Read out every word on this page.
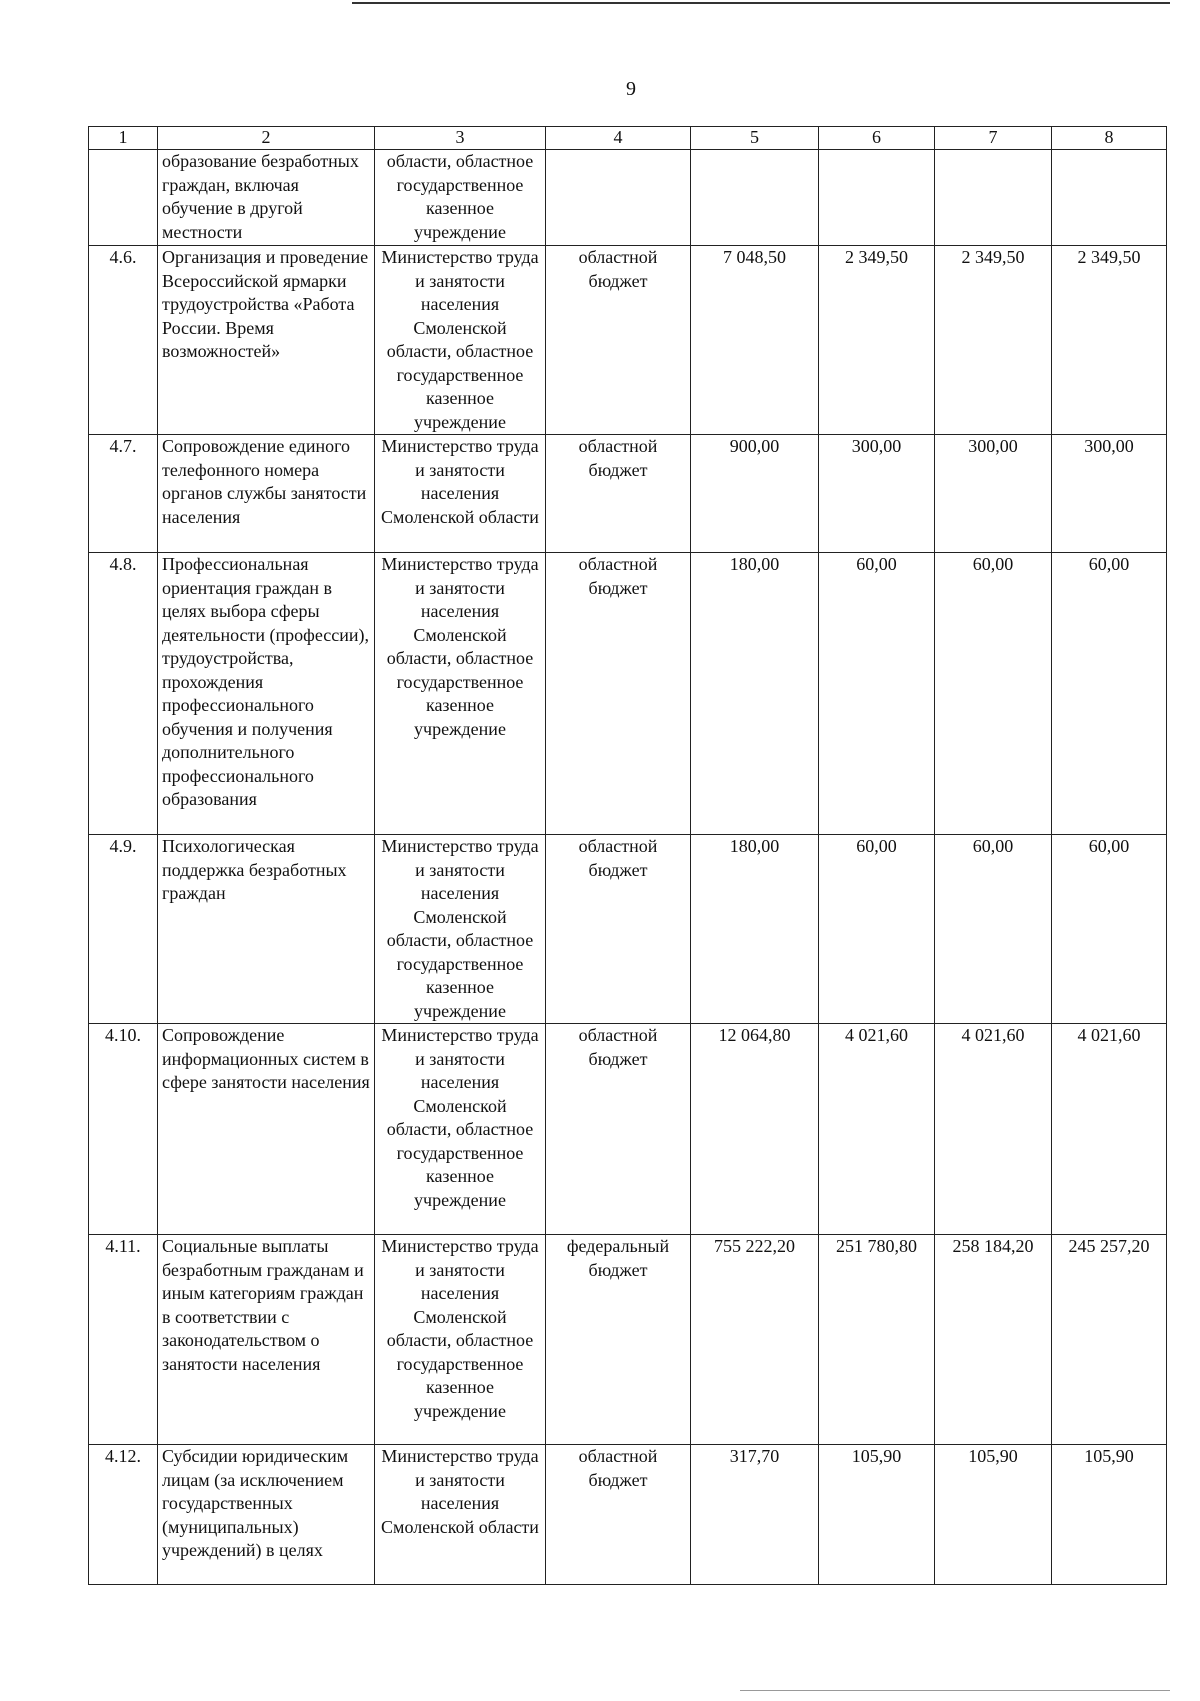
9
1	2	3	4	5	6	7	8
	образование безработных граждан, включая обучение в другой местности	области, областное государственное казенное учреждение					
4.6.	Организация и проведение Всероссийской ярмарки трудоустройства «Работа России. Время возможностей»	Министерство труда и занятости населения Смоленской области, областное государственное казенное учреждение	областной бюджет	7 048,50	2 349,50	2 349,50	2 349,50
4.7.	Сопровождение единого телефонного номера органов службы занятости населения	Министерство труда и занятости населения Смоленской области	областной бюджет	900,00	300,00	300,00	300,00
4.8.	Профессиональная ориентация граждан в целях выбора сферы деятельности (профессии), трудоустройства, прохождения профессионального обучения и получения дополнительного профессионального образования	Министерство труда и занятости населения Смоленской области, областное государственное казенное учреждение	областной бюджет	180,00	60,00	60,00	60,00
4.9.	Психологическая поддержка безработных граждан	Министерство труда и занятости населения Смоленской области, областное государственное казенное учреждение	областной бюджет	180,00	60,00	60,00	60,00
4.10.	Сопровождение информационных систем в сфере занятости населения	Министерство труда и занятости населения Смоленской области, областное государственное казенное учреждение	областной бюджет	12 064,80	4 021,60	4 021,60	4 021,60
4.11.	Социальные выплаты безработным гражданам и иным категориям граждан в соответствии с законодательством о занятости населения	Министерство труда и занятости населения Смоленской области, областное государственное казенное учреждение	федеральный бюджет	755 222,20	251 780,80	258 184,20	245 257,20
4.12.	Субсидии юридическим лицам (за исключением государственных (муниципальных) учреждений) в целях	Министерство труда и занятости населения Смоленской области	областной бюджет	317,70	105,90	105,90	105,90
